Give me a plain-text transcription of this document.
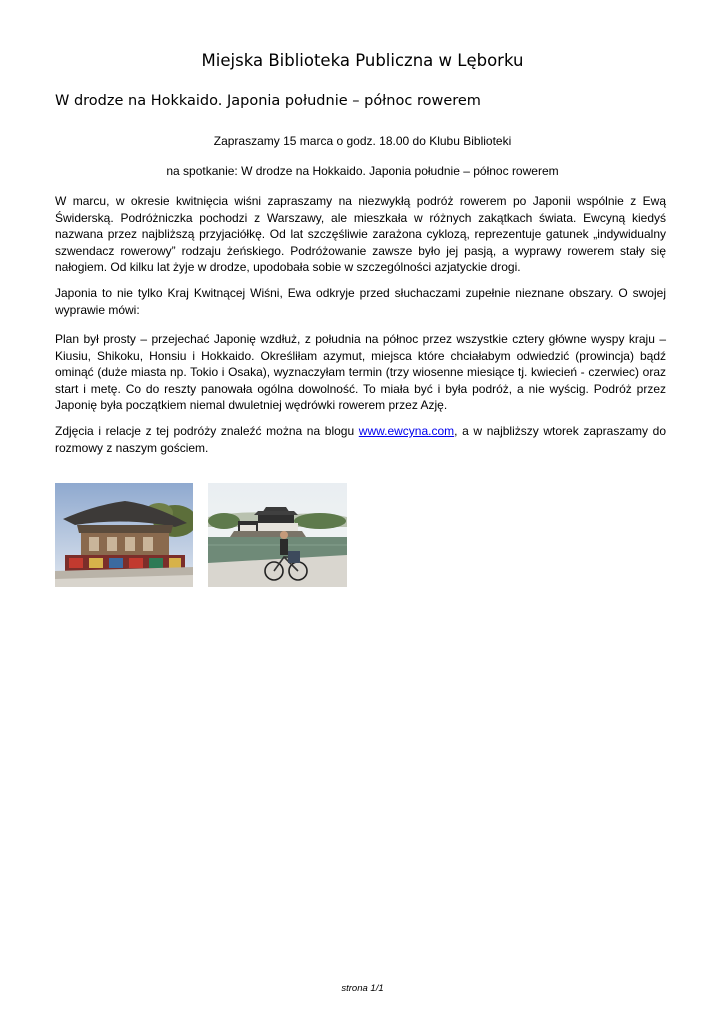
Miejska Biblioteka Publiczna w Lęborku
W drodze na Hokkaido. Japonia południe – północ rowerem

Zapraszamy 15 marca o godz. 18.00 do Klubu Biblioteki

na spotkanie: W drodze na Hokkaido. Japonia południe – północ rowerem

W marcu, w okresie kwitnięcia wiśni zapraszamy na niezwykłą podróż rowerem po Japonii wspólnie z Ewą Świderską. Podróżniczka pochodzi z Warszawy, ale mieszkała w różnych zakątkach świata. Ewcyną kiedyś nazwana przez najbliższą przyjaciółkę. Od lat szczęśliwie zarażona cyklozą, reprezentuje gatunek „indywidualny szwendacz rowerowy” rodzaju żeńskiego. Podróżowanie zawsze było jej pasją, a wyprawy rowerem stały się nałogiem. Od kilku lat żyje w drodze, upodobała sobie w szczególności azjatyckie drogi.

Japonia to nie tylko Kraj Kwitnącej Wiśni, Ewa odkryje przed słuchaczami zupełnie nieznane obszary. O swojej wyprawie mówi:

Plan był prosty – przejechać Japonię wzdłuż, z południa na północ przez wszystkie cztery główne wyspy kraju – Kiusiu, Shikoku, Honsiu i Hokkaido. Określiłam azymut, miejsca które chciałabym odwiedzić (prowincja) bądź ominąć (duże miasta np. Tokio i Osaka), wyznaczyłam termin (trzy wiosenne miesiące tj. kwiecień - czerwiec) oraz start i metę. Co do reszty panowała ogólna dowolność. To miała być i była podróż, a nie wyścig. Podróż przez Japonię była początkiem niemal dwuletniej wędrówki rowerem przez Azję.

Zdjęcia i relacje z tej podróży znaleźć można na blogu www.ewcyna.com, a w najbliższy wtorek zapraszamy do rozmowy z naszym gościem.

strona 1/1
